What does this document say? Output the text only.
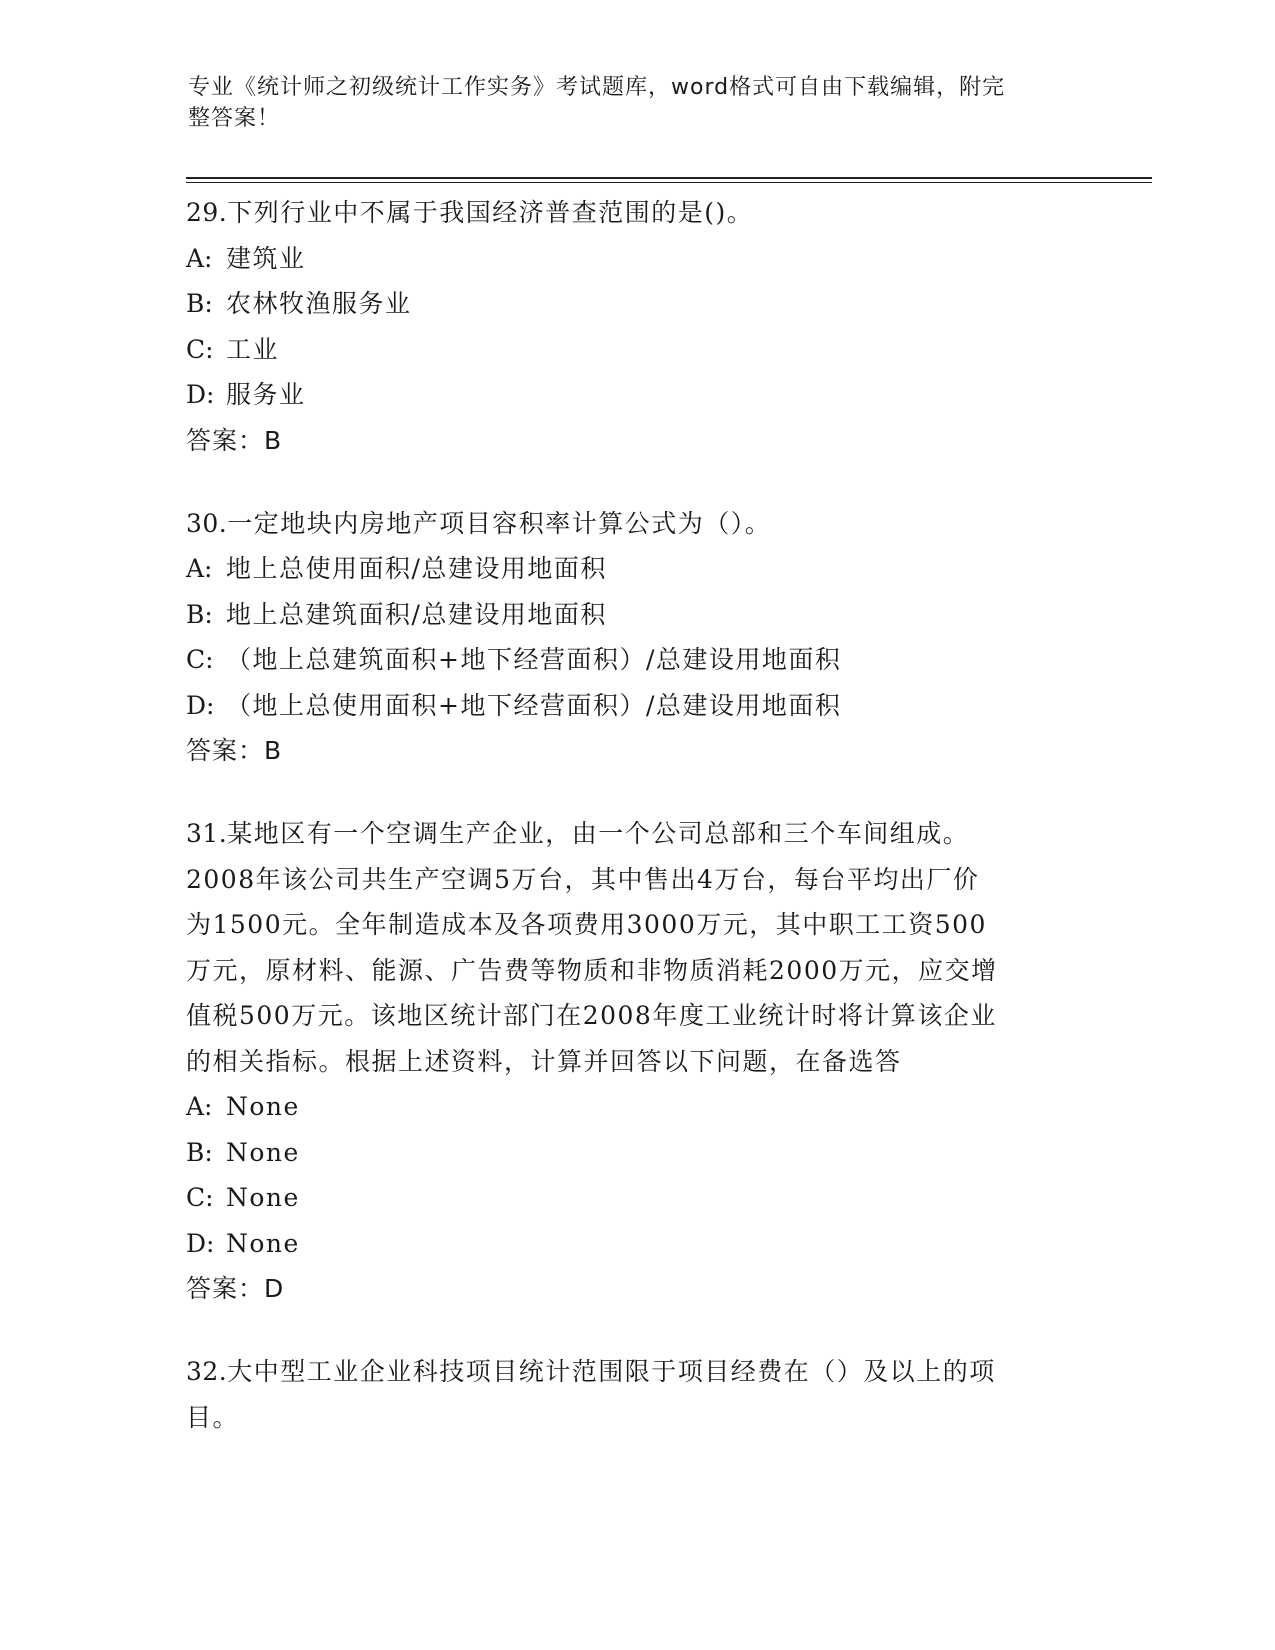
专业《统计师之初级统计工作实务》考试题库，word格式可自由下载编辑，附完
整答案！
29.下列行业中不属于我国经济普查范围的是()。
A: 建筑业
B: 农林牧渔服务业
C: 工业
D: 服务业
答案：B
30.一定地块内房地产项目容积率计算公式为（）。
A: 地上总使用面积/总建设用地面积
B: 地上总建筑面积/总建设用地面积
C: （地上总建筑面积+地下经营面积）/总建设用地面积
D: （地上总使用面积+地下经营面积）/总建设用地面积
答案：B
31.某地区有一个空调生产企业，由一个公司总部和三个车间组成。
2008年该公司共生产空调5万台，其中售出4万台，每台平均出厂价
为1500元。全年制造成本及各项费用3000万元，其中职工工资500
万元，原材料、能源、广告费等物质和非物质消耗2000万元，应交增
值税500万元。该地区统计部门在2008年度工业统计时将计算该企业
的相关指标。根据上述资料，计算并回答以下问题，在备选答
A: None
B: None
C: None
D: None
答案：D
32.大中型工业企业科技项目统计范围限于项目经费在（）及以上的项
目。
